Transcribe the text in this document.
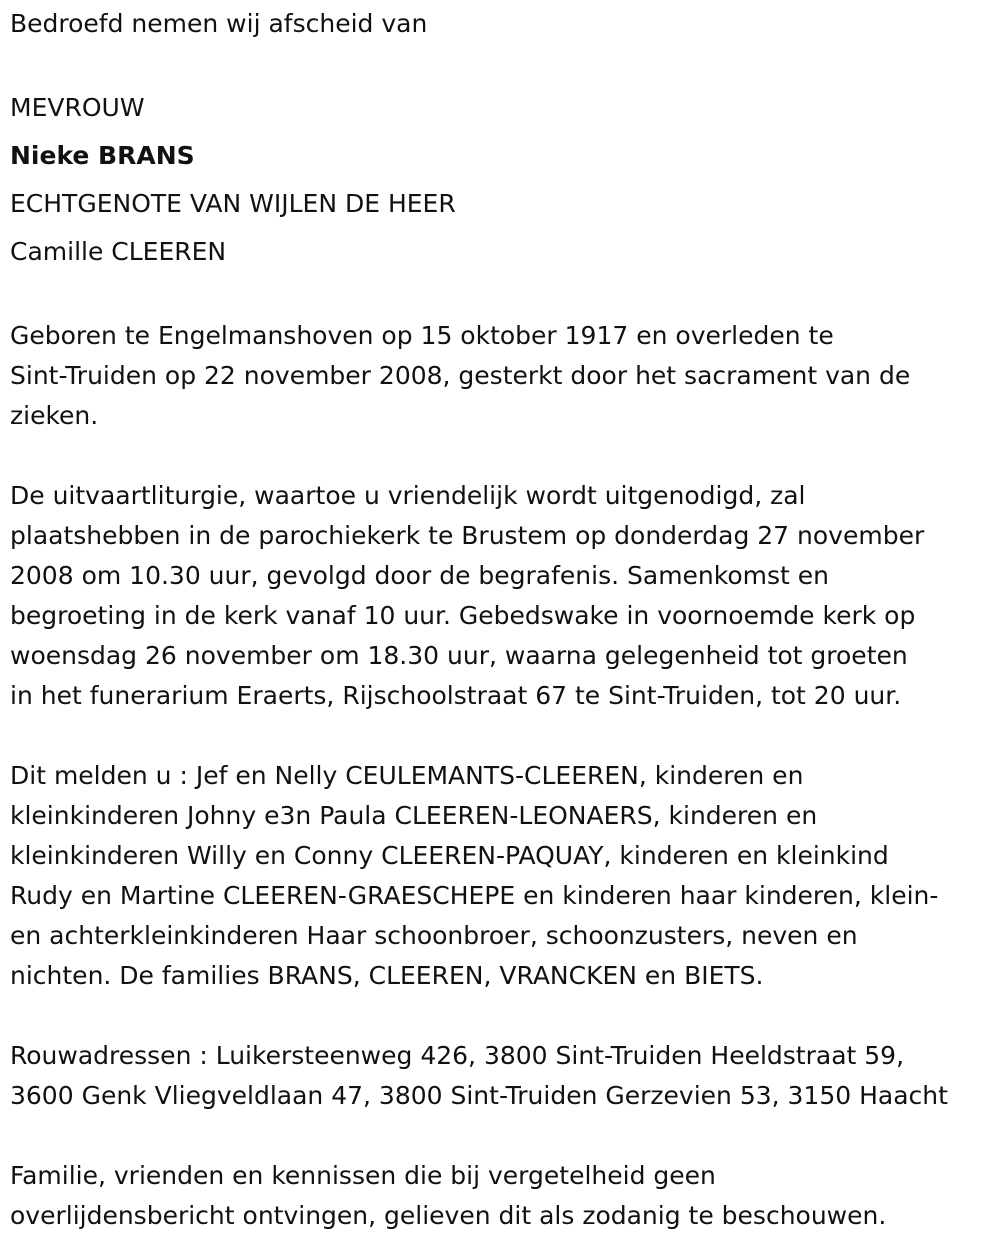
Bedroefd nemen wij afscheid van
MEVROUW
Nieke BRANS
ECHTGENOTE VAN WIJLEN DE HEER
Camille CLEEREN
Geboren te Engelmanshoven op 15 oktober 1917 en overleden te
Sint-Truiden op 22 november 2008, gesterkt door het sacrament van de
zieken.
De uitvaartliturgie, waartoe u vriendelijk wordt uitgenodigd, zal
plaatshebben in de parochiekerk te Brustem op donderdag 27 november
2008 om 10.30 uur, gevolgd door de begrafenis. Samenkomst en
begroeting in de kerk vanaf 10 uur. Gebedswake in voornoemde kerk op
woensdag 26 november om 18.30 uur, waarna gelegenheid tot groeten
in het funerarium Eraerts, Rijschoolstraat 67 te Sint-Truiden, tot 20 uur.
Dit melden u : Jef en Nelly CEULEMANTS-CLEEREN, kinderen en
kleinkinderen Johny e3n Paula CLEEREN-LEONAERS, kinderen en
kleinkinderen Willy en Conny CLEEREN-PAQUAY, kinderen en kleinkind
Rudy en Martine CLEEREN-GRAESCHEPE en kinderen haar kinderen, klein-
en achterkleinkinderen Haar schoonbroer, schoonzusters, neven en
nichten. De families BRANS, CLEEREN, VRANCKEN en BIETS.
Rouwadressen : Luikersteenweg 426, 3800 Sint-Truiden Heeldstraat 59,
3600 Genk Vliegveldlaan 47, 3800 Sint-Truiden Gerzevien 53, 3150 Haacht
Familie, vrienden en kennissen die bij vergetelheid geen
overlijdensbericht ontvingen, gelieven dit als zodanig te beschouwen.
